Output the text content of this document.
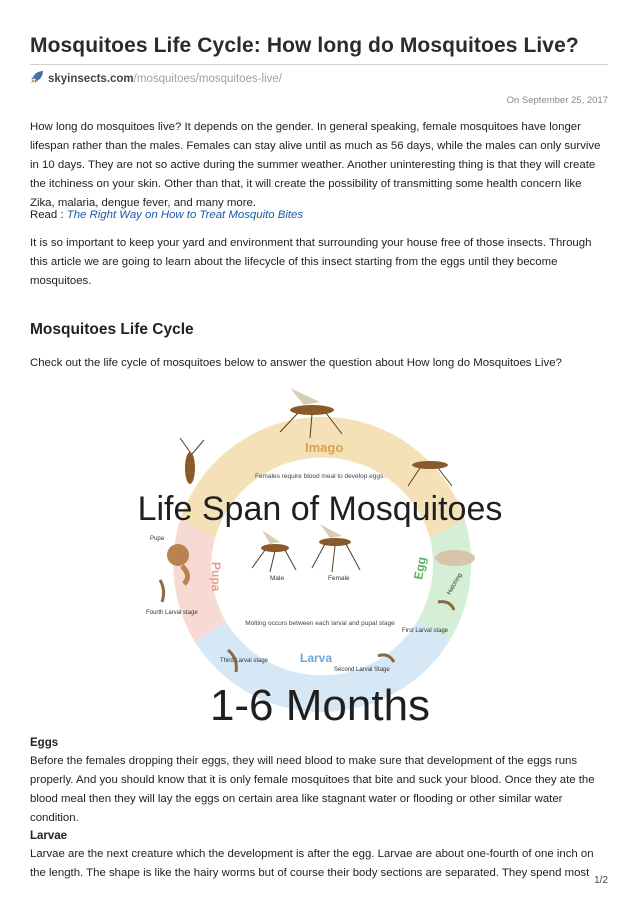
Mosquitoes Life Cycle: How long do Mosquitoes Live?
skyinsects.com /mosquitoes/mosquitoes-live/
On September 25, 2017

How long do mosquitoes live? It depends on the gender. In general speaking, female mosquitoes have longer lifespan rather than the males. Females can stay alive until as much as 56 days, while the males can only survive in 10 days. They are not so active during the summer weather. Another uninteresting thing is that they will create the itchiness on your skin. Other than that, it will create the possibility of transmitting some health concern like Zika, malaria, dengue fever, and many more.

Read : The Right Way on How to Treat Mosquito Bites

It is so important to keep your yard and environment that surrounding your house free of those insects. Through this article we are going to learn about the lifecycle of this insect starting from the eggs until they become mosquitoes.

Mosquitoes Life Cycle

Check out the life cycle of mosquitoes below to answer the question about How long do Mosquitoes Live?

Imago
Females require blood meal to develop eggs.
Life Span of Mosquitoes
Egg
Pupa
Larva
Male	Female
Molting occurs between each larval and pupal stage
Pupa
Fourth Larval stage
Third Larval stage
Second Larval Stage
First Larval stage
Hatching
1-6 Months
Eggs

Before the females dropping their eggs, they will need blood to make sure that development of the eggs runs properly. And you should know that it is only female mosquitoes that bite and suck your blood. Once they ate the blood meal then they will lay the eggs on certain area like stagnant water or flooding or other similar water condition.

Larvae

Larvae are the next creature which the development is after the egg. Larvae are about one-fourth of one inch on the length. The shape is like the hairy worms but of course their body sections are separated. They spend most

1/2
